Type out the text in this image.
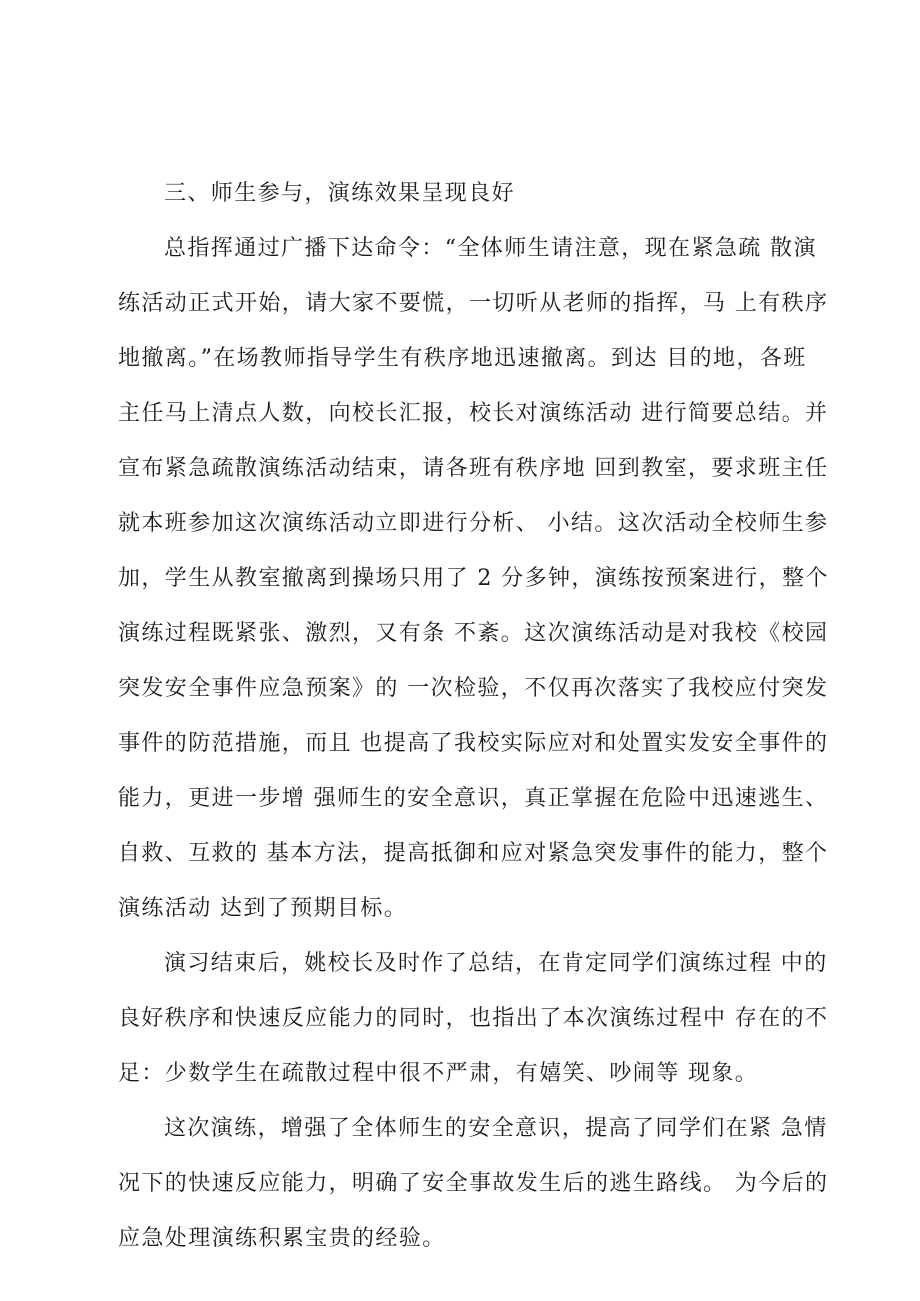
三、师生参与，演练效果呈现良好

总指挥通过广播下达命令：“全体师生请注意，现在紧急疏 散演

练活动正式开始，请大家不要慌，一切听从老师的指挥，马 上有秩序

地撤离。”在场教师指导学生有秩序地迅速撤离。到达 目的地，各班

主任马上清点人数，向校长汇报，校长对演练活动 进行简要总结。并

宣布紧急疏散演练活动结束，请各班有秩序地 回到教室，要求班主任

就本班参加这次演练活动立即进行分析、 小结。这次活动全校师生参

加，学生从教室撤离到操场只用了 2 分多钟，演练按预案进行，整个

演练过程既紧张、激烈，又有条 不紊。这次演练活动是对我校《校园

突发安全事件应急预案》的 一次检验，不仅再次落实了我校应付突发

事件的防范措施，而且 也提高了我校实际应对和处置实发安全事件的

能力，更进一步增 强师生的安全意识，真正掌握在危险中迅速逃生、

自救、互救的 基本方法，提高抵御和应对紧急突发事件的能力，整个

演练活动 达到了预期目标。

演习结束后，姚校长及时作了总结，在肯定同学们演练过程 中的

良好秩序和快速反应能力的同时，也指出了本次演练过程中 存在的不

足：少数学生在疏散过程中很不严肃，有嬉笑、吵闹等 现象。

这次演练，增强了全体师生的安全意识，提高了同学们在紧 急情

况下的快速反应能力，明确了安全事故发生后的逃生路线。 为今后的

应急处理演练积累宝贵的经验。
